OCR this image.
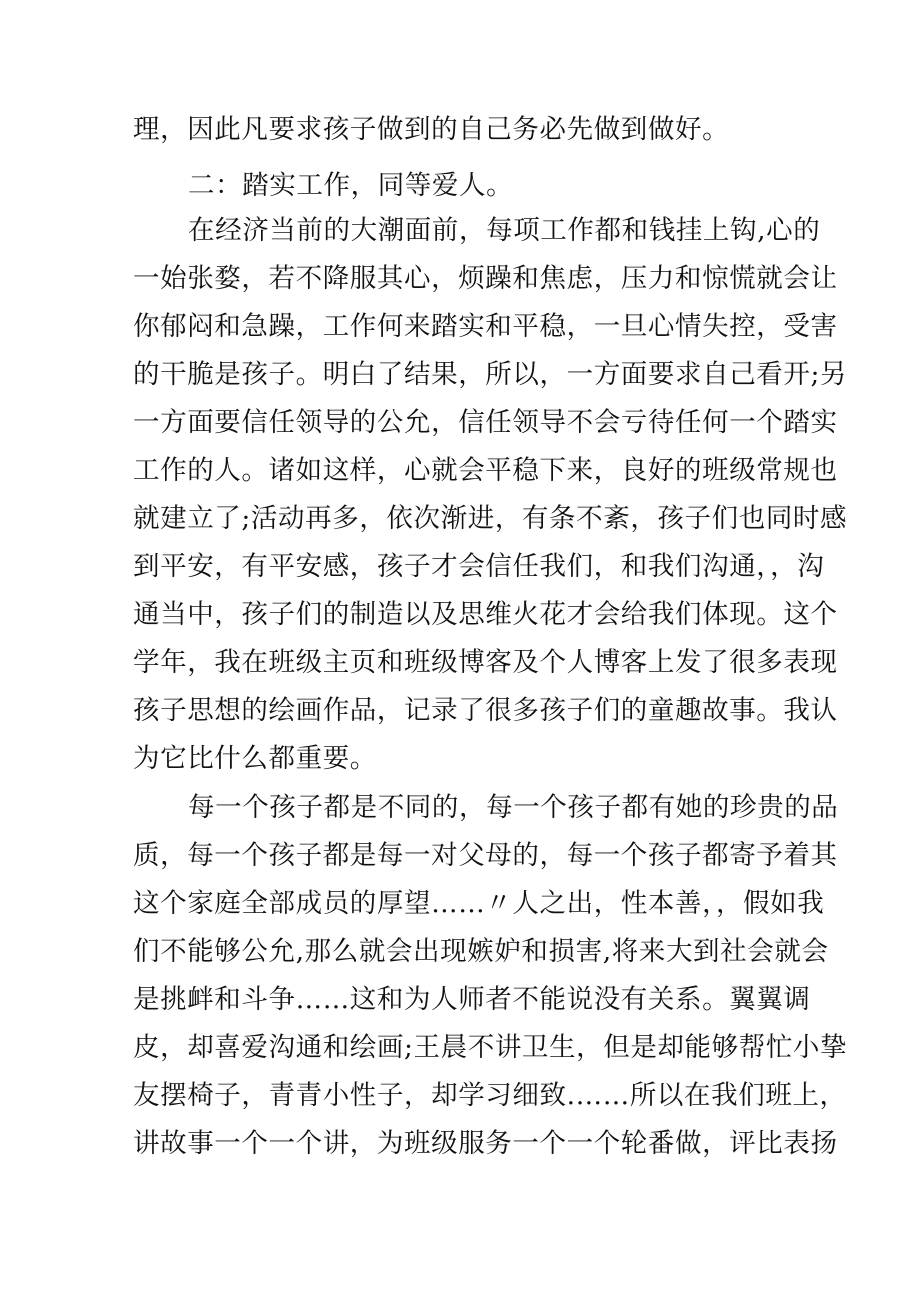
理，因此凡要求孩子做到的自己务必先做到做好。
二：踏实工作，同等爱人。
在经济当前的大潮面前，每项工作都和钱挂上钩,心的
一始张婺，若不降服其心，烦躁和焦虑，压力和惊慌就会让
你郁闷和急躁，工作何来踏实和平稳，一旦心情失控，受害
的干脆是孩子。明白了结果，所以，一方面要求自己看开;另
一方面要信任领导的公允，信任领导不会亏待任何一个踏实
工作的人。诸如这样，心就会平稳下来，良好的班级常规也
就建立了;活动再多，依次渐进，有条不紊，孩子们也同时感
到平安，有平安感，孩子才会信任我们，和我们沟通，，沟
通当中，孩子们的制造以及思维火花才会给我们体现。这个
学年，我在班级主页和班级博客及个人博客上发了很多表现
孩子思想的绘画作品，记录了很多孩子们的童趣故事。我认
为它比什么都重要。
每一个孩子都是不同的，每一个孩子都有她的珍贵的品
质，每一个孩子都是每一对父母的，每一个孩子都寄予着其
这个家庭全部成员的厚望……〃人之出，性本善，，假如我
们不能够公允,那么就会出现嫉妒和损害,将来大到社会就会
是挑衅和斗争……这和为人师者不能说没有关系。翼翼调
皮，却喜爱沟通和绘画;王晨不讲卫生，但是却能够帮忙小挚
友摆椅子，青青小性子，却学习细致.……所以在我们班上，
讲故事一个一个讲，为班级服务一个一个轮番做，评比表扬
